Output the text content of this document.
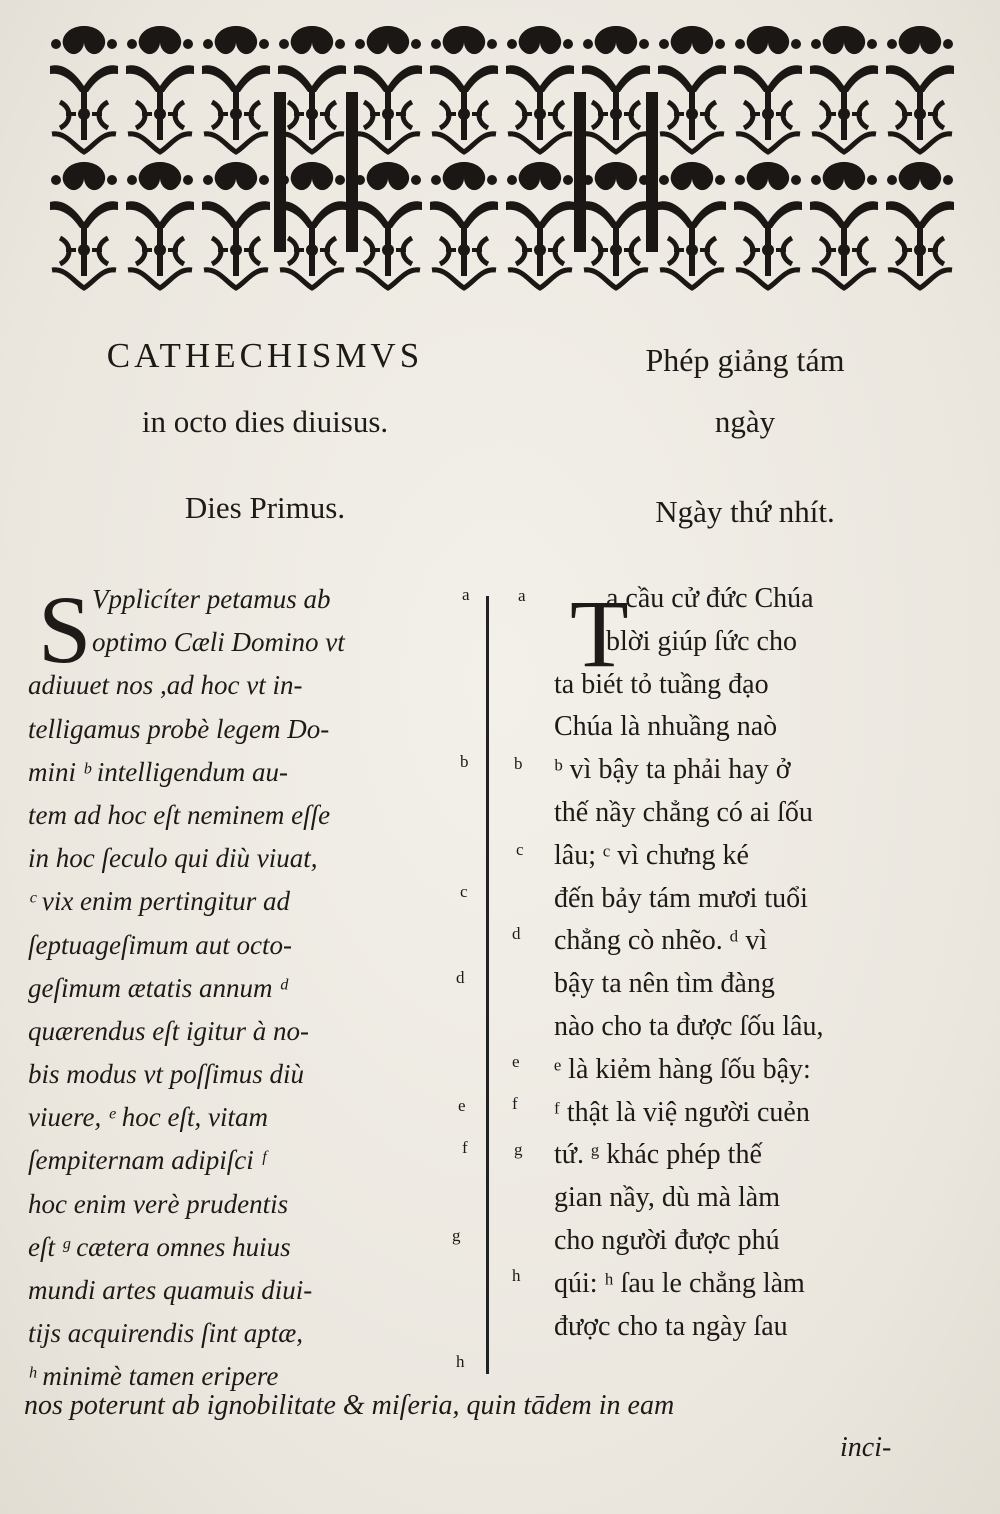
CATHECHISMVS
in octo dies diuisus.
Dies Primus.
Phép giảng tám
ngày
Ngày thứ nhít.
S	T
Vpplicíter petamus ab
optimo Cæli Domino vt
adiuuet nos ,ad hoc vt in-
telligamus probè legem Do-
mini ᵇ intelligendum au-
tem ad hoc eſt neminem eſſe
in hoc ſeculo qui diù viuat,
ᶜ vix enim pertingitur ad
ſeptuageſimum aut octo-
geſimum ætatis annum ᵈ
quærendus eſt igitur à no-
bis modus vt poſſimus diù
viuere, ᵉ hoc eſt, vitam
ſempiternam adipiſci ᶠ
hoc enim verè prudentis
eſt ᵍ cætera omnes huius
mundi artes quamuis diui-
tijs acquirendis ſint aptæ,
ʰ minimè tamen eripere
a cầu cử đức Chúa
blời giúp ſức cho
ta biét tỏ tuầng đạo
Chúa là nhuầng naò
ᵇ vì bậy ta phải hay ở
thế nầy chẳng có ai ſốu
lâu; ᶜ vì chưng ké
đến bảy tám mươi tuổi
chẳng cò nhẽo. ᵈ vì
bậy ta nên tìm đàng
nào cho ta được ſốu lâu,
ᵉ là kiẻm hàng ſốu bậy:
ᶠ thật là việ người cuẻn
tứ. ᵍ khác phép thế
gian nầy, dù mà làm
cho người được phú
qúi: ʰ ſau le chẳng làm
được cho ta ngày ſau
a
b
c
d
e
f
g
h
a
b
c
d
e
f
g
h
nos poterunt ab ignobilitate & miſeria, quin tādem in eam
inci-
